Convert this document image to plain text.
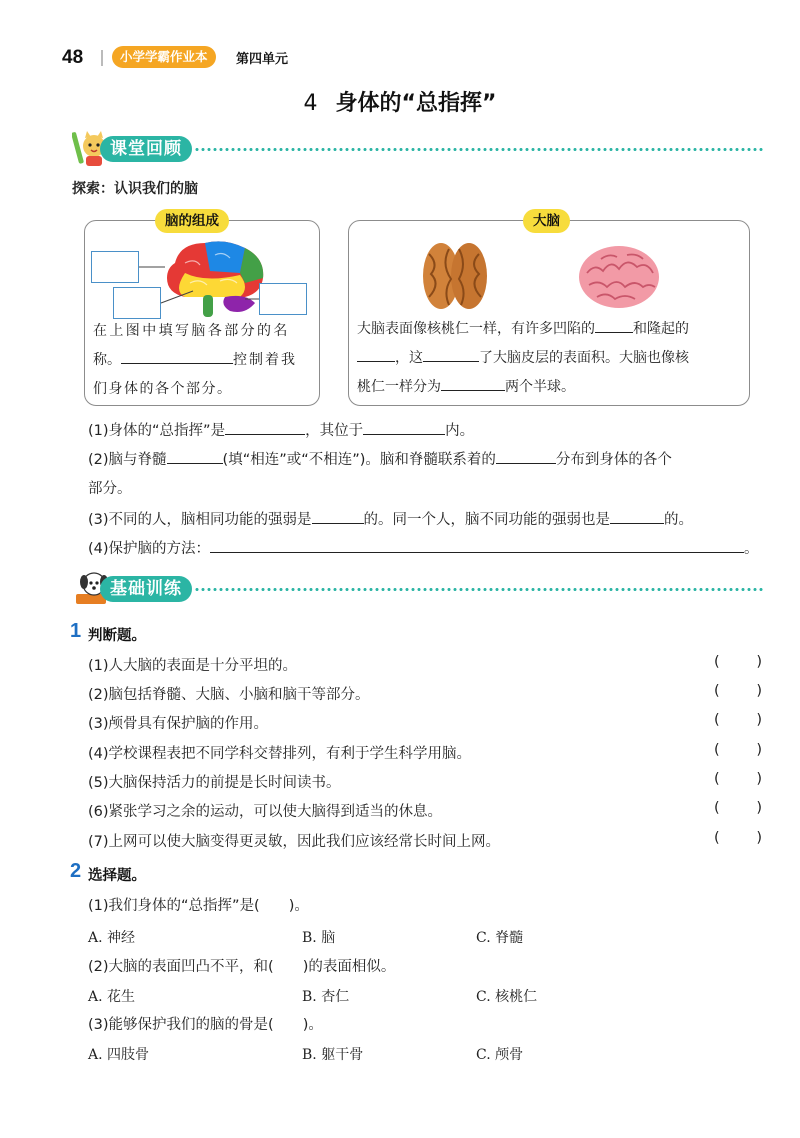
48	小学学霸作业本	第四单元
4 身体的“总指挥”
课堂回顾
探索：认识我们的脑
脑的组成
在上图中填写脑各部分的名
称。	控制着我
们身体的各个部分。
大脑
大脑表面像核桃仁一样，有许多凹陷的	和隆起的
，这	了大脑皮层的表面积。大脑也像核
桃仁一样分为	两个半球。
(1)身体的“总指挥”是	，其位于	内。
(2)脑与脊髓	(填“相连”或“不相连”)。脑和脊髓联系着的	分布到身体的各个
部分。
(3)不同的人，脑相同功能的强弱是	的。同一个人，脑不同功能的强弱也是	的。
(4)保护脑的方法：	。
基础训练
1 判断题。
(1)人大脑的表面是十分平坦的。	(	)
(2)脑包括脊髓、大脑、小脑和脑干等部分。	(	)
(3)颅骨具有保护脑的作用。	(	)
(4)学校课程表把不同学科交替排列，有利于学生科学用脑。	(	)
(5)大脑保持活力的前提是长时间读书。	(	)
(6)紧张学习之余的运动，可以使大脑得到适当的休息。	(	)
(7)上网可以使大脑变得更灵敏，因此我们应该经常长时间上网。	(	)
2 选择题。
(1)我们身体的“总指挥”是(　　)。
A. 神经	B. 脑	C. 脊髓
(2)大脑的表面凹凸不平，和(　　)的表面相似。
A. 花生	B. 杏仁	C. 核桃仁
(3)能够保护我们的脑的骨是(　　)。
A. 四肢骨	B. 躯干骨	C. 颅骨
